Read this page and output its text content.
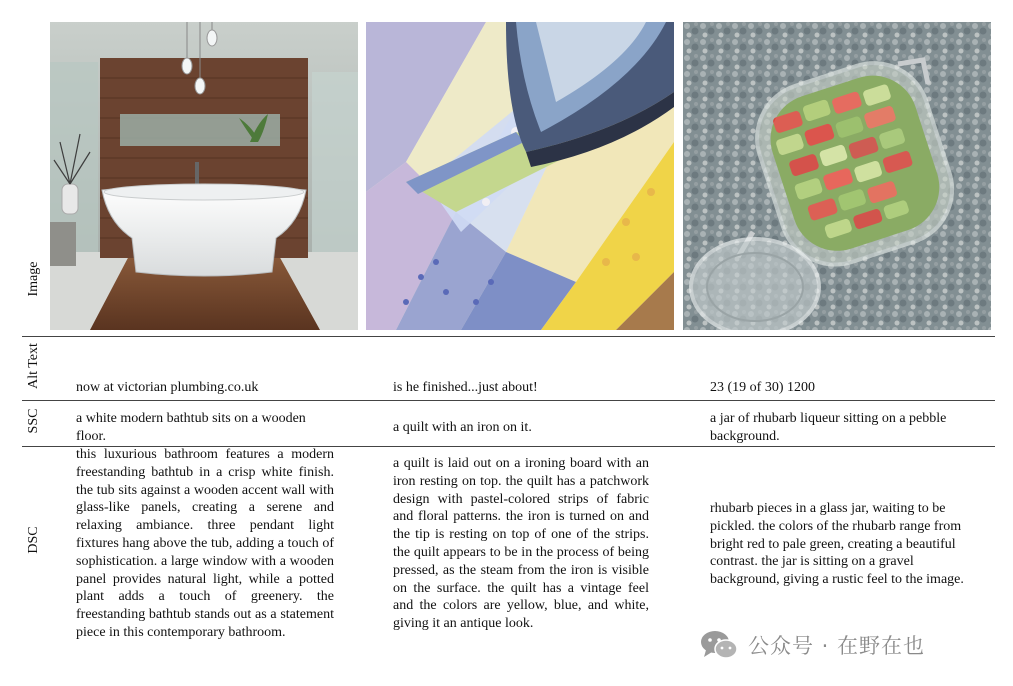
Image
Alt Text
SSC
DSC
now at victorian plumbing.co.uk	is he finished...just about!	23 (19 of 30) 1200
a white modern bathtub sits on a wooden floor.
a quilt with an iron on it.
a jar of rhubarb liqueur sitting on a pebble background.
this luxurious bathroom features a modern freestanding bathtub in a crisp white finish. the tub sits against a wooden accent wall with glass-like panels, creating a serene and relaxing ambiance. three pendant light fixtures hang above the tub, adding a touch of sophistication. a large window with a wooden panel provides natural light, while a potted plant adds a touch of greenery. the freestanding bathtub stands out as a statement piece in this contemporary bathroom.
a quilt is laid out on a ironing board with an iron resting on top. the quilt has a patchwork design with pastel-colored strips of fabric and floral patterns. the iron is turned on and the tip is resting on top of one of the strips. the quilt appears to be in the process of being pressed, as the steam from the iron is visible on the surface. the quilt has a vintage feel and the colors are yellow, blue, and white, giving it an antique look.
rhubarb pieces in a glass jar, waiting to be pickled. the colors of the rhubarb range from bright red to pale green, creating a beautiful contrast. the jar is sitting on a gravel background, giving a rustic feel to the image.
公众号 · 在野在也
